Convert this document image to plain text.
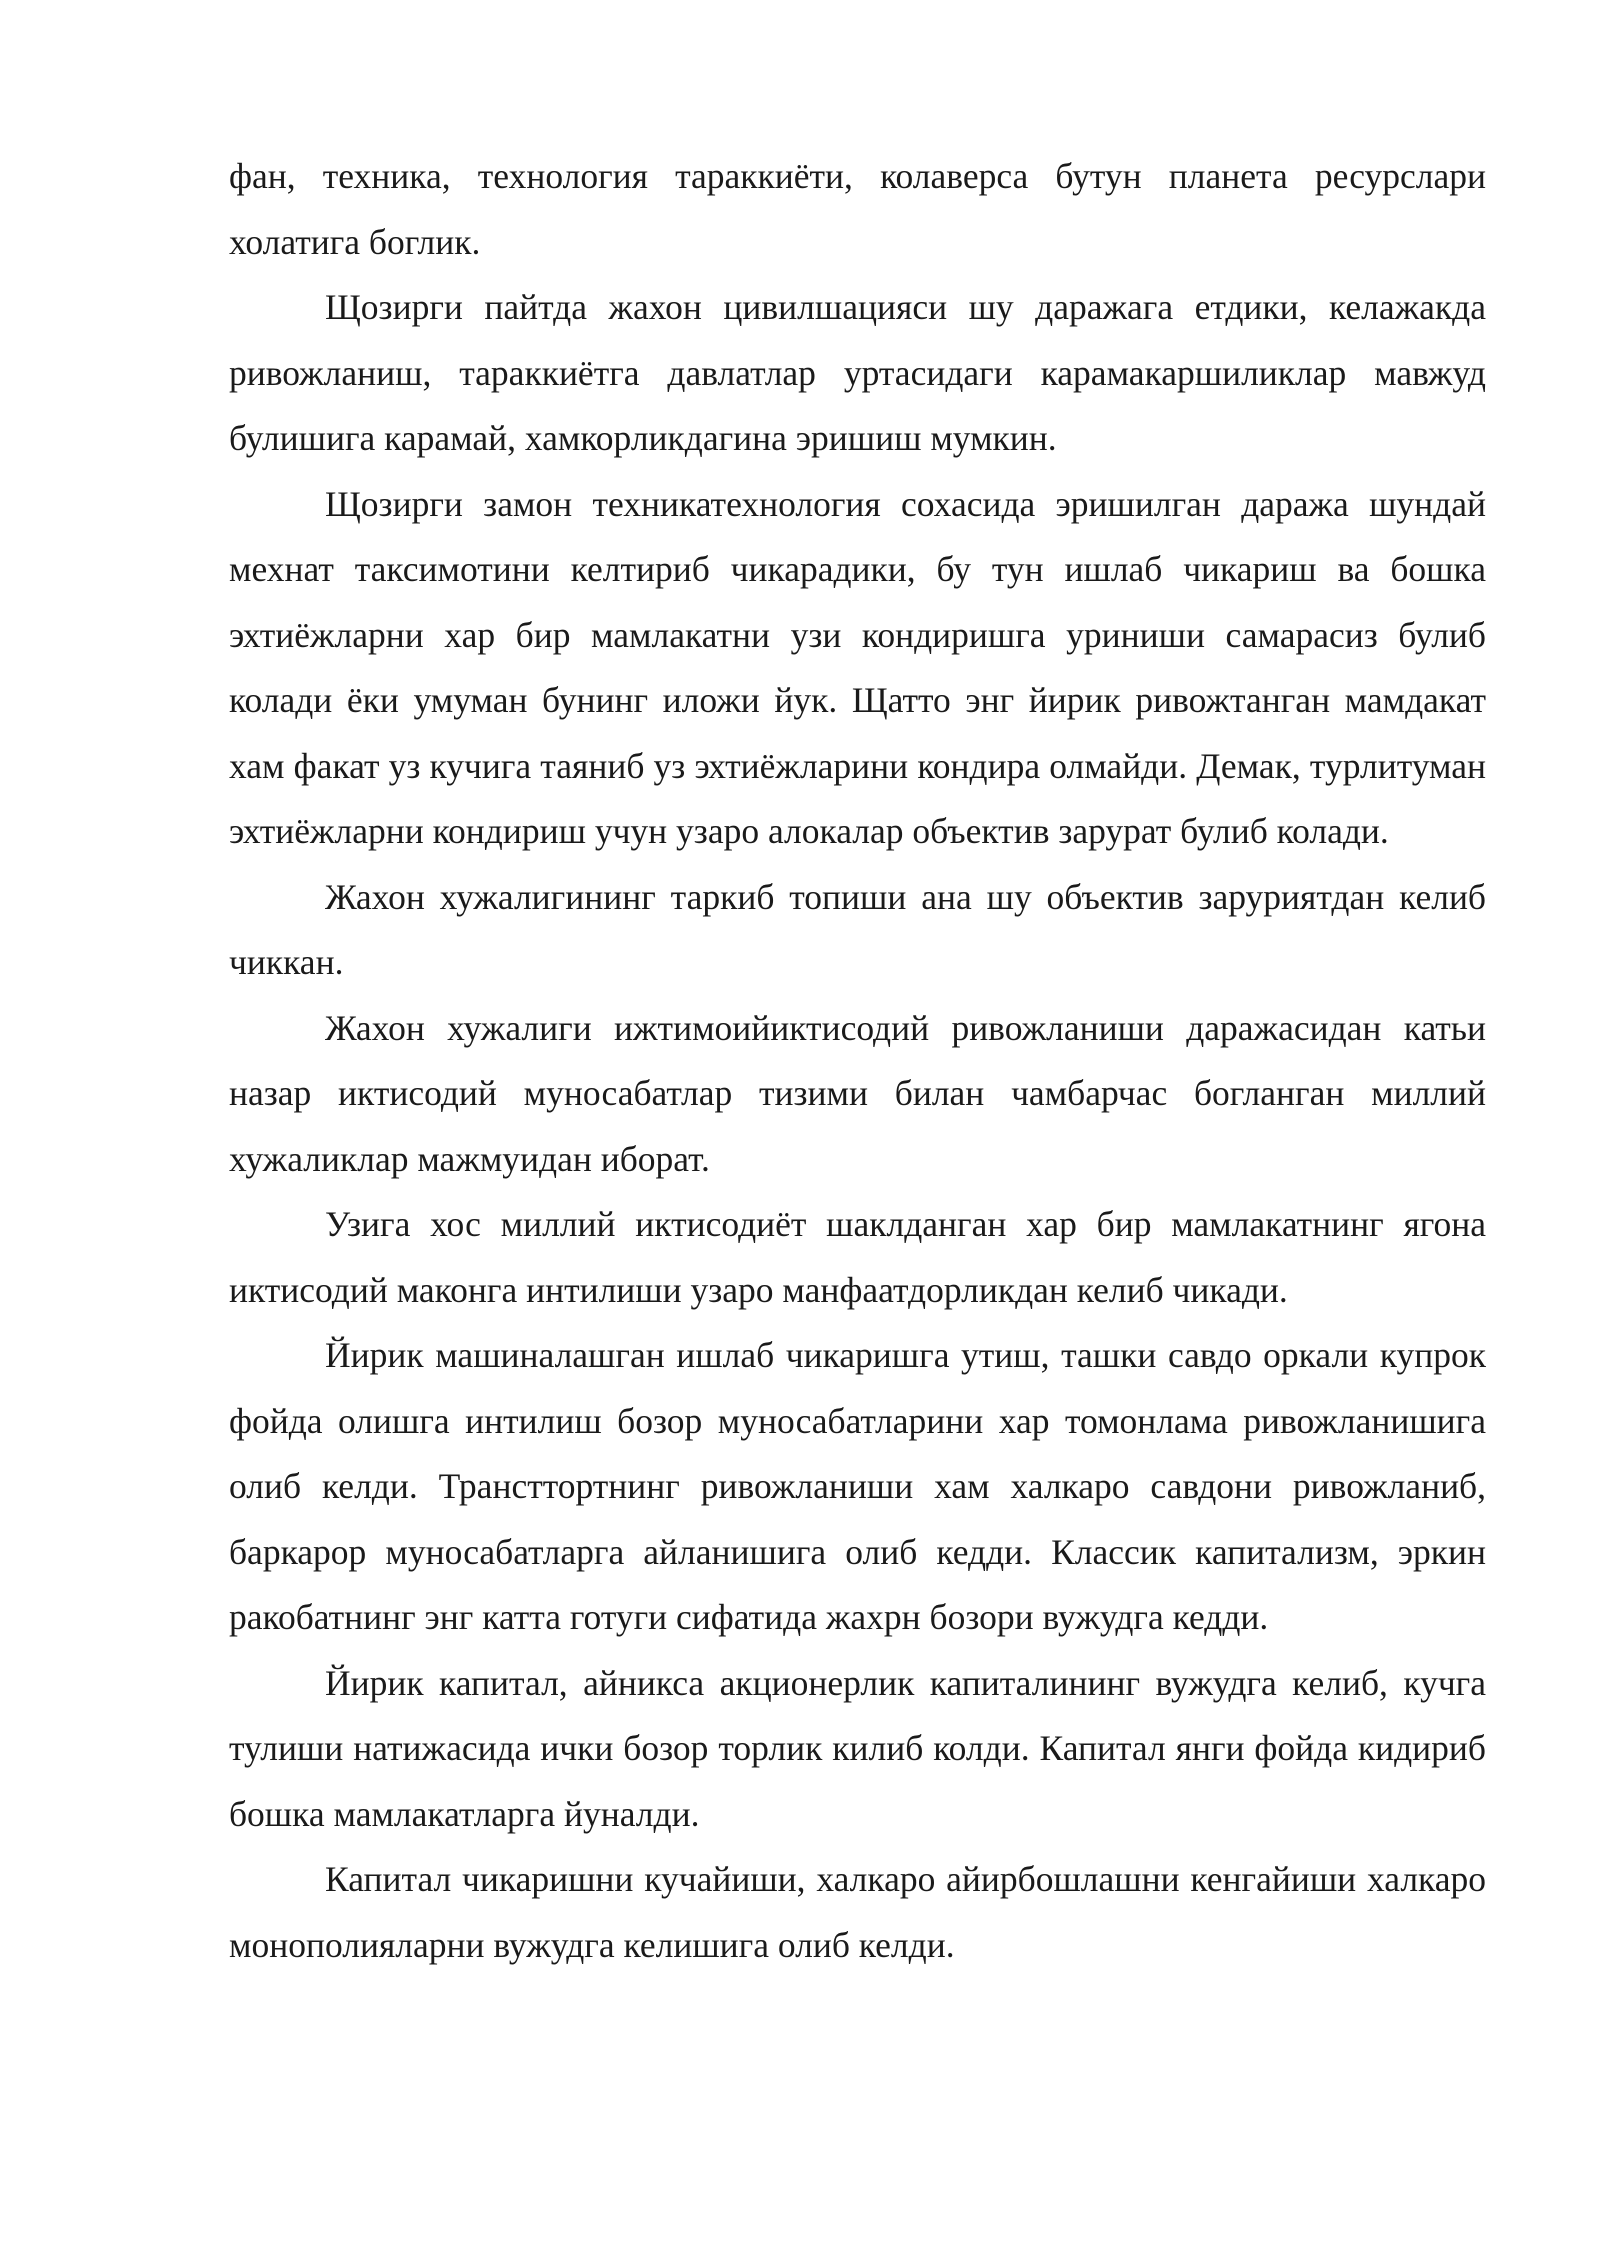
фан, техника, технология тараккиёти, колаверса бутун планета ресурслари холатига боглик.

Щозирги пайтда жахон цивилшацияси шу даражага етдики, келажакда ривожланиш, тараккиётга давлатлар уртасидаги карамакаршиликлар мавжуд булишига карамай, хамкорликдагина эришиш мумкин.

Щозирги замон техникатехнология сохасида эришилган даража шундай мехнат таксимотини келтириб чикарадики, бу тун ишлаб чикариш ва бошка эхтиёжларни хар бир мамлакатни узи кондиришга уриниши самарасиз булиб колади ёки умуман бунинг иложи йук. Щатто энг йирик ривожтанган мамдакат хам факат уз кучига таяниб уз эхтиёжларини кондира олмайди. Демак, турлитуман эхтиёжларни кондириш учун узаро алокалар объектив зарурат булиб колади.

Жахон хужалигининг таркиб топиши ана шу объектив заруриятдан келиб чиккан.

Жахон хужалиги ижтимоийиктисодий ривожланиши даражасидан катьи назар иктисодий муносабатлар тизими билан чамбарчас богланган миллий хужаликлар мажмуидан иборат.

Узига хос миллий иктисодиёт шаклданган хар бир мамлакатнинг ягона иктисодий маконга интилиши узаро манфаатдорликдан келиб чикади.

Йирик машиналашган ишлаб чикаришга утиш, ташки савдо оркали купрок фойда олишга интилиш бозор муносабатларини хар томонлама ривожланишига олиб келди. Трансттортнинг ривожланиши хам халкаро савдони ривожланиб, баркарор муносабатларга айланишига олиб кедди. Классик капитализм, эркин ракобатнинг энг катта готуги сифатида жахрн бозори вужудга кедди.

Йирик капитал, айникса акционерлик капиталининг вужудга келиб, кучга тулиши натижасида ички бозор торлик килиб колди. Капитал янги фойда кидириб бошка мамлакатларга йуналди.

Капитал чикаришни кучайиши, халкаро айирбошлашни кенгайиши халкаро монополияларни вужудга келишига олиб келди.
